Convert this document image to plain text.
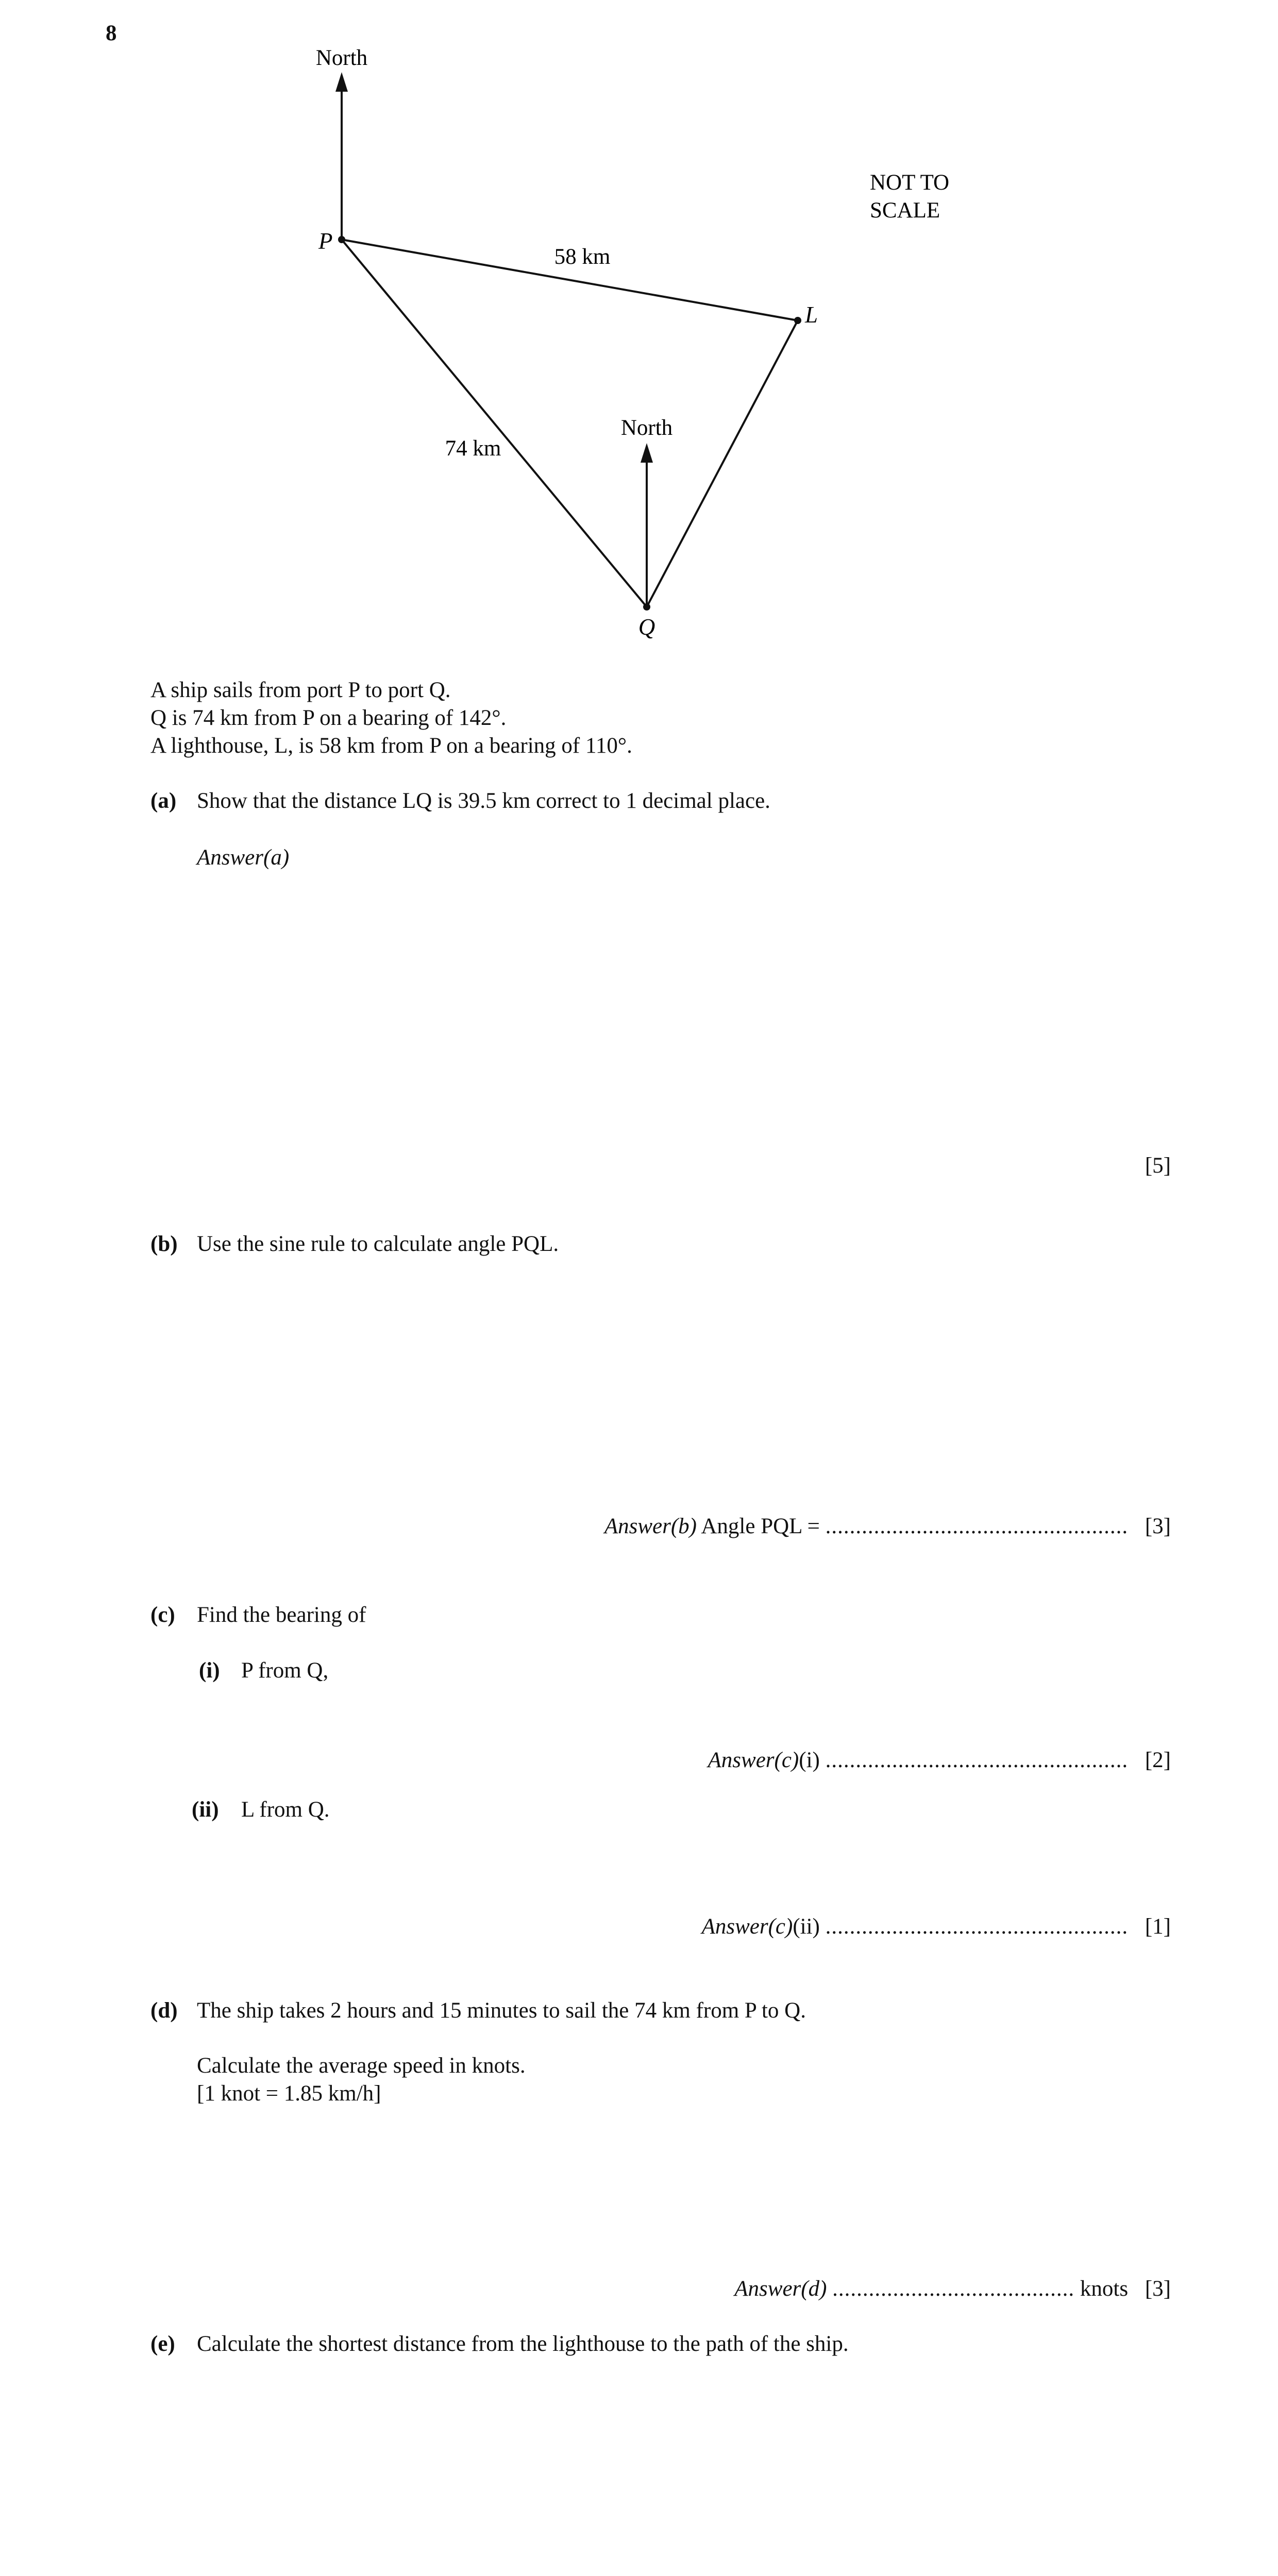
8
North
North
P
L
Q
58 km
74 km
NOT TO
SCALE
A ship sails from port P to port Q.
Q is 74 km from P on a bearing of 142°.
A lighthouse, L, is 58 km from P on a bearing of 110°.
(a) Show that the distance LQ is 39.5 km correct to 1 decimal place.
Answer(a)
[5]
(b) Use the sine rule to calculate angle PQL.
Answer(b) Angle PQL = .................................................. [3]
(c) Find the bearing of
(i) P from Q,
Answer(c)(i) .................................................. [2]
(ii) L from Q.
Answer(c)(ii) .................................................. [1]
(d) The ship takes 2 hours and 15 minutes to sail the 74 km from P to Q.
Calculate the average speed in knots.
[1 knot = 1.85 km/h]
Answer(d) ........................................ knots [3]
(e) Calculate the shortest distance from the lighthouse to the path of the ship.
